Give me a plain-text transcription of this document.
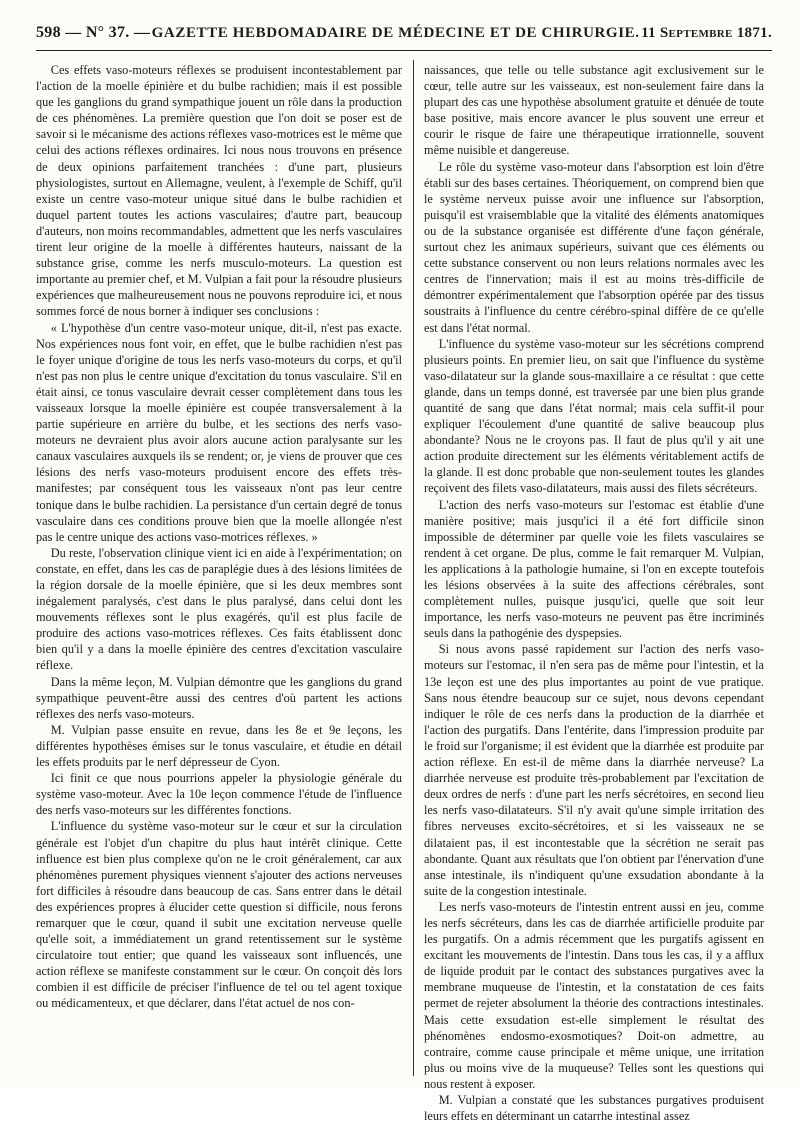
598 — N° 37. — GAZETTE HEBDOMADAIRE DE MÉDECINE ET DE CHIRURGIE. 11 Septembre 1871.

Ces effets vaso-moteurs réflexes se produisent incontestablement par l'action de la moelle épinière et du bulbe rachidien; mais il est possible que les ganglions du grand sympathique jouent un rôle dans la production de ces phénomènes. La première question que l'on doit se poser est de savoir si le mécanisme des actions réflexes vaso-motrices est le même que celui des actions réflexes ordinaires. Ici nous nous trouvons en présence de deux opinions parfaitement tranchées : d'une part, plusieurs physiologistes, surtout en Allemagne, veulent, à l'exemple de Schiff, qu'il existe un centre vaso-moteur unique situé dans le bulbe rachidien et duquel partent toutes les actions vasculaires; d'autre part, beaucoup d'auteurs, non moins recommandables, admettent que les nerfs vasculaires tirent leur origine de la moelle à différentes hauteurs, naissant de la substance grise, comme les nerfs musculo-moteurs. La question est importante au premier chef, et M. Vulpian a fait pour la résoudre plusieurs expériences que malheureusement nous ne pouvons reproduire ici, et nous sommes forcé de nous borner à indiquer ses conclusions :

« L'hypothèse d'un centre vaso-moteur unique, dit-il, n'est pas exacte. Nos expériences nous font voir, en effet, que le bulbe rachidien n'est pas le foyer unique d'origine de tous les nerfs vaso-moteurs du corps, et qu'il n'est pas non plus le centre unique d'excitation du tonus vasculaire. S'il en était ainsi, ce tonus vasculaire devrait cesser complètement dans tous les vaisseaux lorsque la moelle épinière est coupée transversalement à la partie supérieure en arrière du bulbe, et les sections des nerfs vaso-moteurs ne devraient plus avoir alors aucune action paralysante sur les canaux vasculaires auxquels ils se rendent; or, je viens de prouver que ces lésions des nerfs vaso-moteurs produisent encore des effets très-manifestes; par conséquent tous les vaisseaux n'ont pas leur centre tonique dans le bulbe rachidien. La persistance d'un certain degré de tonus vasculaire dans ces conditions prouve bien que la moelle allongée n'est pas le centre unique des actions vaso-motrices réflexes. »

Du reste, l'observation clinique vient ici en aide à l'expérimentation; on constate, en effet, dans les cas de paraplégie dues à des lésions limitées de la région dorsale de la moelle épinière, que si les deux membres sont inégalement paralysés, c'est dans le plus paralysé, dans celui dont les mouvements réflexes sont le plus exagérés, qu'il est plus facile de produire des actions vaso-motrices réflexes. Ces faits établissent donc bien qu'il y a dans la moelle épinière des centres d'excitation vasculaire réflexe.

Dans la même leçon, M. Vulpian démontre que les ganglions du grand sympathique peuvent-être aussi des centres d'où partent les actions réflexes des nerfs vaso-moteurs.

M. Vulpian passe ensuite en revue, dans les 8e et 9e leçons, les différentes hypothèses émises sur le tonus vasculaire, et étudie en détail les effets produits par le nerf dépresseur de Cyon.

Ici finit ce que nous pourrions appeler la physiologie générale du système vaso-moteur. Avec la 10e leçon commence l'étude de l'influence des nerfs vaso-moteurs sur les différentes fonctions.

L'influence du système vaso-moteur sur le cœur et sur la circulation générale est l'objet d'un chapitre du plus haut intérêt clinique. Cette influence est bien plus complexe qu'on ne le croit généralement, car aux phénomènes purement physiques viennent s'ajouter des actions nerveuses fort difficiles à résoudre dans beaucoup de cas. Sans entrer dans le détail des expériences propres à élucider cette question si difficile, nous ferons remarquer que le cœur, quand il subit une excitation nerveuse quelle qu'elle soit, a immédiatement un grand retentissement sur le système circulatoire tout entier; que quand les vaisseaux sont influencés, une action réflexe se manifeste constamment sur le cœur. On conçoit dès lors combien il est difficile de préciser l'influence de tel ou tel agent toxique ou médicamenteux, et que déclarer, dans l'état actuel de nos con-

naissances, que telle ou telle substance agit exclusivement sur le cœur, telle autre sur les vaisseaux, est non-seulement faire dans la plupart des cas une hypothèse absolument gratuite et dénuée de toute base positive, mais encore avancer le plus souvent une erreur et courir le risque de faire une thérapeutique irrationnelle, souvent même nuisible et dangereuse.

Le rôle du système vaso-moteur dans l'absorption est loin d'être établi sur des bases certaines. Théoriquement, on comprend bien que le système nerveux puisse avoir une influence sur l'absorption, puisqu'il est vraisemblable que la vitalité des éléments anatomiques ou de la substance organisée est différente d'une façon générale, surtout chez les animaux supérieurs, suivant que ces éléments ou cette substance conservent ou non leurs relations normales avec les centres de l'innervation; mais il est au moins très-difficile de démontrer expérimentalement que l'absorption opérée par des tissus soustraits à l'influence du centre cérébro-spinal diffère de ce qu'elle est dans l'état normal.

L'influence du système vaso-moteur sur les sécrétions comprend plusieurs points. En premier lieu, on sait que l'influence du système vaso-dilatateur sur la glande sous-maxillaire a ce résultat : que cette glande, dans un temps donné, est traversée par une bien plus grande quantité de sang que dans l'état normal; mais cela suffit-il pour expliquer l'écoulement d'une quantité de salive beaucoup plus abondante? Nous ne le croyons pas. Il faut de plus qu'il y ait une action produite directement sur les éléments véritablement actifs de la glande. Il est donc probable que non-seulement toutes les glandes reçoivent des filets vaso-dilatateurs, mais aussi des filets sécréteurs.

L'action des nerfs vaso-moteurs sur l'estomac est établie d'une manière positive; mais jusqu'ici il a été fort difficile sinon impossible de déterminer par quelle voie les filets vasculaires se rendent à cet organe. De plus, comme le fait remarquer M. Vulpian, les applications à la pathologie humaine, si l'on en excepte toutefois les lésions observées à la suite des affections cérébrales, sont complètement nulles, puisque jusqu'ici, quelle que soit leur importance, les nerfs vaso-moteurs ne peuvent pas être incriminés seuls dans la pathogénie des dyspepsies.

Si nous avons passé rapidement sur l'action des nerfs vaso-moteurs sur l'estomac, il n'en sera pas de même pour l'intestin, et la 13e leçon est une des plus importantes au point de vue pratique. Sans nous étendre beaucoup sur ce sujet, nous devons cependant indiquer le rôle de ces nerfs dans la production de la diarrhée et l'action des purgatifs. Dans l'entérite, dans l'impression produite par le froid sur l'organisme; il est évident que la diarrhée est produite par action réflexe. En est-il de même dans la diarrhée nerveuse? La diarrhée nerveuse est produite très-probablement par l'excitation de deux ordres de nerfs : d'une part les nerfs sécrétoires, en second lieu les nerfs vaso-dilatateurs. S'il n'y avait qu'une simple irritation des fibres nerveuses excito-sécrétoires, et si les vaisseaux ne se dilataient pas, il est incontestable que la sécrétion ne serait pas abondante. Quant aux résultats que l'on obtient par l'énervation d'une anse intestinale, ils n'indiquent qu'une exsudation abondante à la suite de la congestion intestinale.

Les nerfs vaso-moteurs de l'intestin entrent aussi en jeu, comme les nerfs sécréteurs, dans les cas de diarrhée artificielle produite par les purgatifs. On a admis récemment que les purgatifs agissent en excitant les mouvements de l'intestin. Dans tous les cas, il y a afflux de liquide produit par le contact des substances purgatives avec la membrane muqueuse de l'intestin, et la constatation de ces faits permet de rejeter absolument la théorie des contractions intestinales. Mais cette exsudation est-elle simplement le résultat des phénomènes endosmo-exosmotiques? Doit-on admettre, au contraire, comme cause principale et même unique, une irritation plus ou moins vive de la muqueuse? Telles sont les questions qui nous restent à exposer.

M. Vulpian a constaté que les substances purgatives produisent leurs effets en déterminant un catarrhe intestinal assez
